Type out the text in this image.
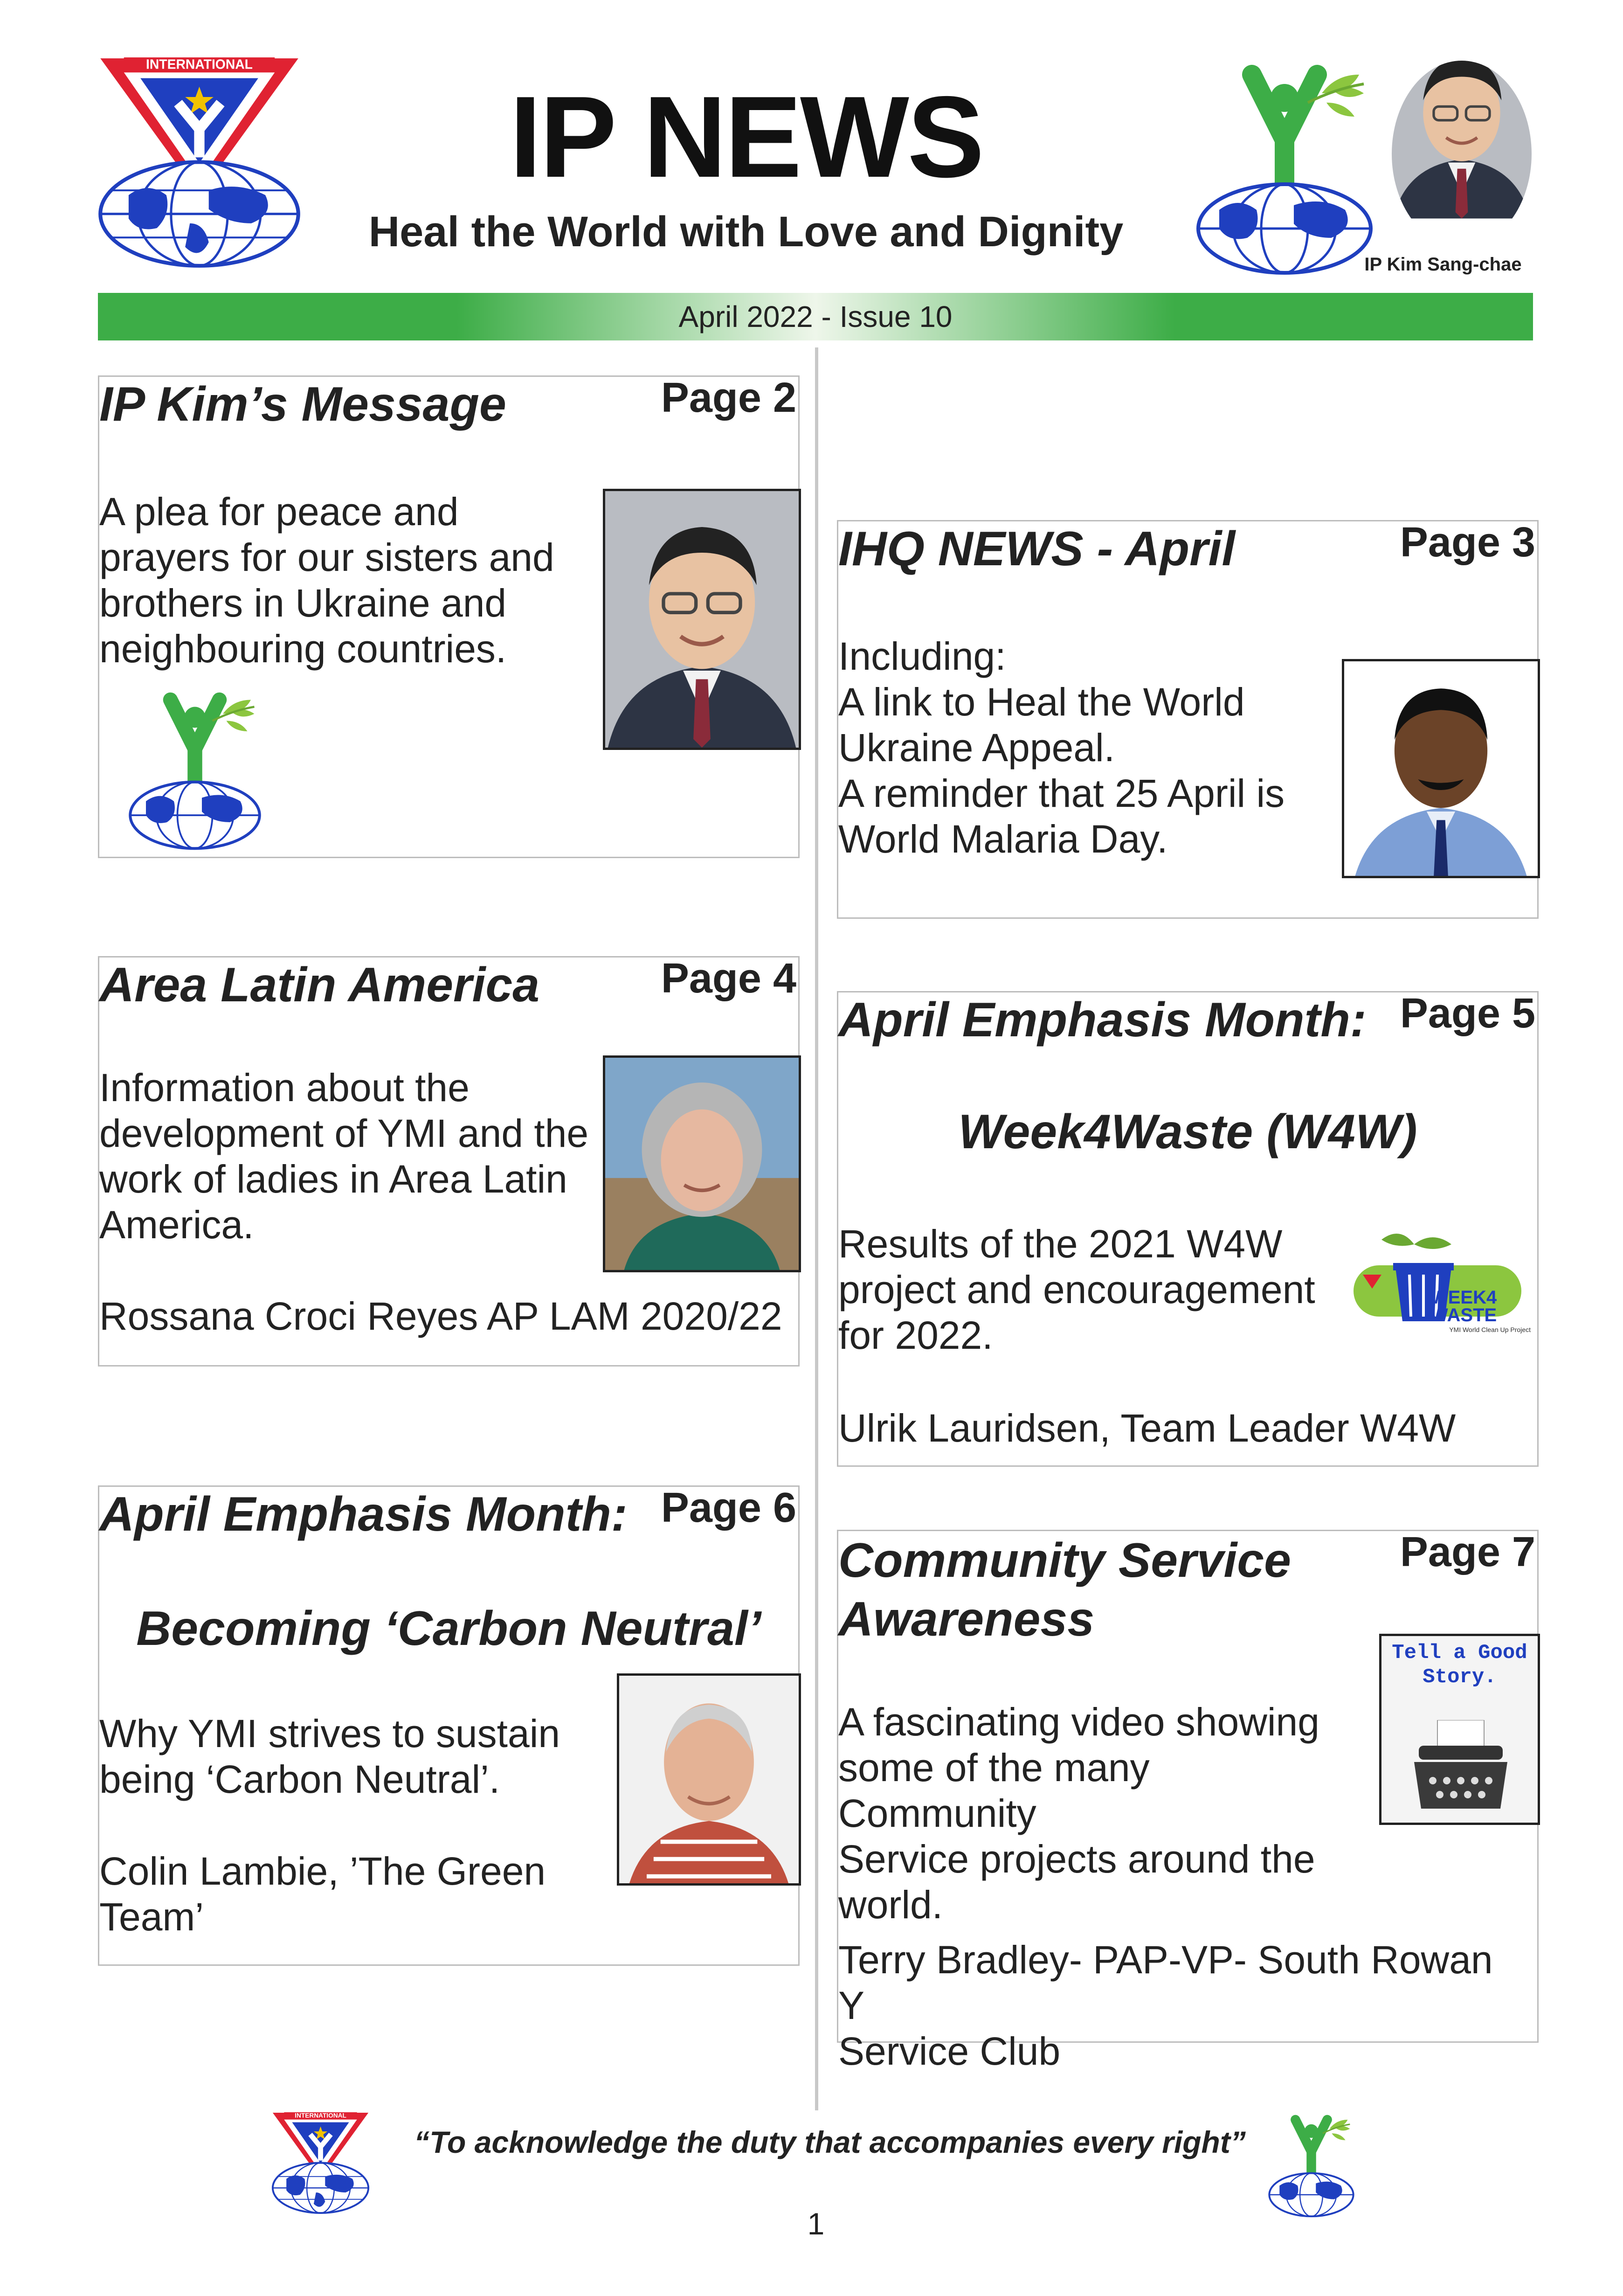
IP NEWS
Heal the World with Love and Dignity
IP Kim Sang-chae
April 2022 - Issue 10
IP Kim’s Message	Page 2
A plea for peace and
prayers for our sisters and
brothers in Ukraine and
neighbouring countries.
IHQ NEWS - April	Page 3
Including:
A link to Heal the World
Ukraine Appeal.
A reminder that 25 April is
World Malaria Day.
Area Latin America	Page 4
Information about the
development of YMI and the
work of ladies in Area Latin
America.
Rossana Croci Reyes AP LAM 2020/22
April Emphasis Month: Page 5
Week4Waste (W4W)
Results of the 2021 W4W
project and encouragement
for 2022.
Ulrik Lauridsen, Team Leader W4W
WEEK4 WASTE
YMI World Clean Up Project
April Emphasis Month: Page 6
Becoming ‘Carbon Neutral’
Why YMI strives to sustain
being ‘Carbon Neutral’.
Colin Lambie, ’The Green
Team’
Community Service
Awareness
Page 7
A fascinating video showing
some of the many Community
Service projects around the
world.
Terry Bradley- PAP-VP- South Rowan Y
Service Club
Tell a Good Story.
“To acknowledge the duty that accompanies every right”
1
